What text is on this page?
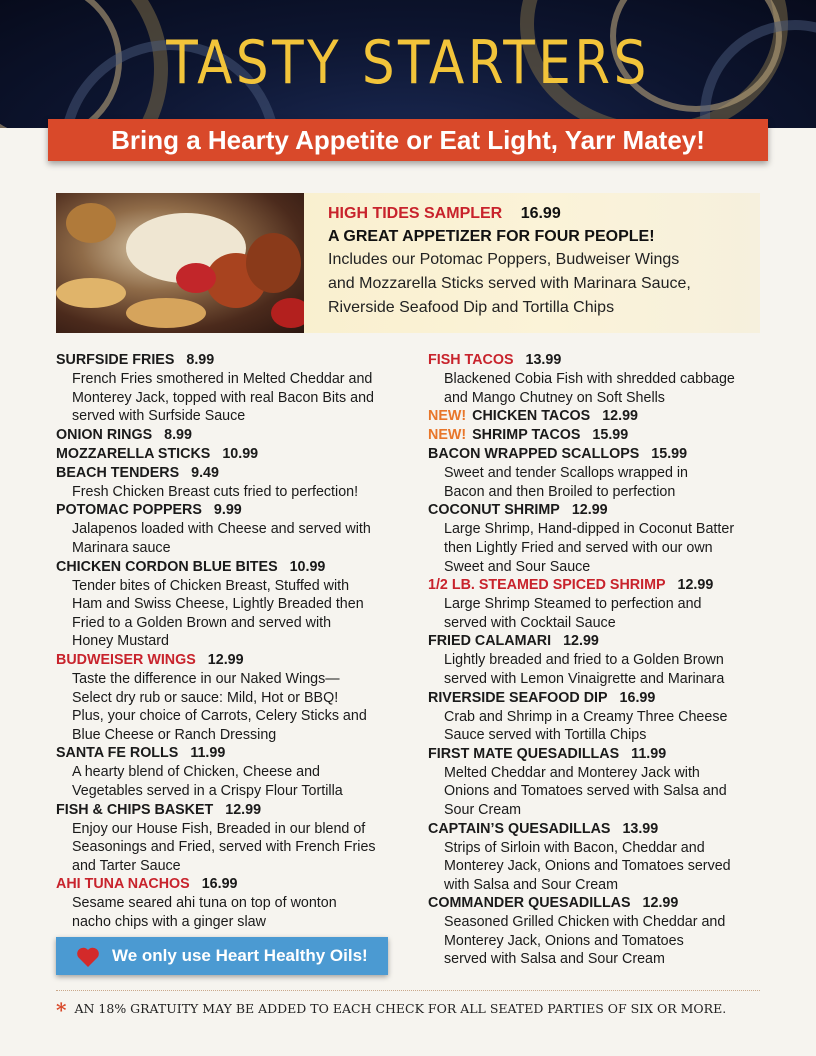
TASTY STARTERS
Bring a Hearty Appetite or Eat Light, Yarr Matey!
HIGH TIDES SAMPLER 16.99
A GREAT APPETIZER FOR FOUR PEOPLE!
Includes our Potomac Poppers, Budweiser Wings
and Mozzarella Sticks served with Marinara Sauce,
Riverside Seafood Dip and Tortilla Chips
SURFSIDE FRIES 8.99
French Fries smothered in Melted Cheddar and
Monterey Jack, topped with real Bacon Bits and
served with Surfside Sauce
ONION RINGS 8.99
MOZZARELLA STICKS 10.99
BEACH TENDERS 9.49
Fresh Chicken Breast cuts fried to perfection!
POTOMAC POPPERS 9.99
Jalapenos loaded with Cheese and served with
Marinara sauce
CHICKEN CORDON BLUE BITES 10.99
Tender bites of Chicken Breast, Stuffed with
Ham and Swiss Cheese, Lightly Breaded then
Fried to a Golden Brown and served with
Honey Mustard
BUDWEISER WINGS 12.99
Taste the difference in our Naked Wings—
Select dry rub or sauce: Mild, Hot or BBQ!
Plus, your choice of Carrots, Celery Sticks and
Blue Cheese or Ranch Dressing
SANTA FE ROLLS 11.99
A hearty blend of Chicken, Cheese and
Vegetables served in a Crispy Flour Tortilla
FISH & CHIPS BASKET 12.99
Enjoy our House Fish, Breaded in our blend of
Seasonings and Fried, served with French Fries
and Tarter Sauce
AHI TUNA NACHOS 16.99
Sesame seared ahi tuna on top of wonton
nacho chips with a ginger slaw
FISH TACOS 13.99
Blackened Cobia Fish with shredded cabbage
and Mango Chutney on Soft Shells
NEW! CHICKEN TACOS 12.99
NEW! SHRIMP TACOS 15.99
BACON WRAPPED SCALLOPS 15.99
Sweet and tender Scallops wrapped in
Bacon and then Broiled to perfection
COCONUT SHRIMP 12.99
Large Shrimp, Hand-dipped in Coconut Batter
then Lightly Fried and served with our own
Sweet and Sour Sauce
1/2 LB. STEAMED SPICED SHRIMP 12.99
Large Shrimp Steamed to perfection and
served with Cocktail Sauce
FRIED CALAMARI 12.99
Lightly breaded and fried to a Golden Brown
served with Lemon Vinaigrette and Marinara
RIVERSIDE SEAFOOD DIP 16.99
Crab and Shrimp in a Creamy Three Cheese
Sauce served with Tortilla Chips
FIRST MATE QUESADILLAS 11.99
Melted Cheddar and Monterey Jack with
Onions and Tomatoes served with Salsa and
Sour Cream
CAPTAIN’S QUESADILLAS 13.99
Strips of Sirloin with Bacon, Cheddar and
Monterey Jack, Onions and Tomatoes served
with Salsa and Sour Cream
COMMANDER QUESADILLAS 12.99
Seasoned Grilled Chicken with Cheddar and
Monterey Jack, Onions and Tomatoes
served with Salsa and Sour Cream
We only use Heart Healthy Oils!
* AN 18% GRATUITY MAY BE ADDED TO EACH CHECK FOR ALL SEATED PARTIES OF SIX OR MORE.
